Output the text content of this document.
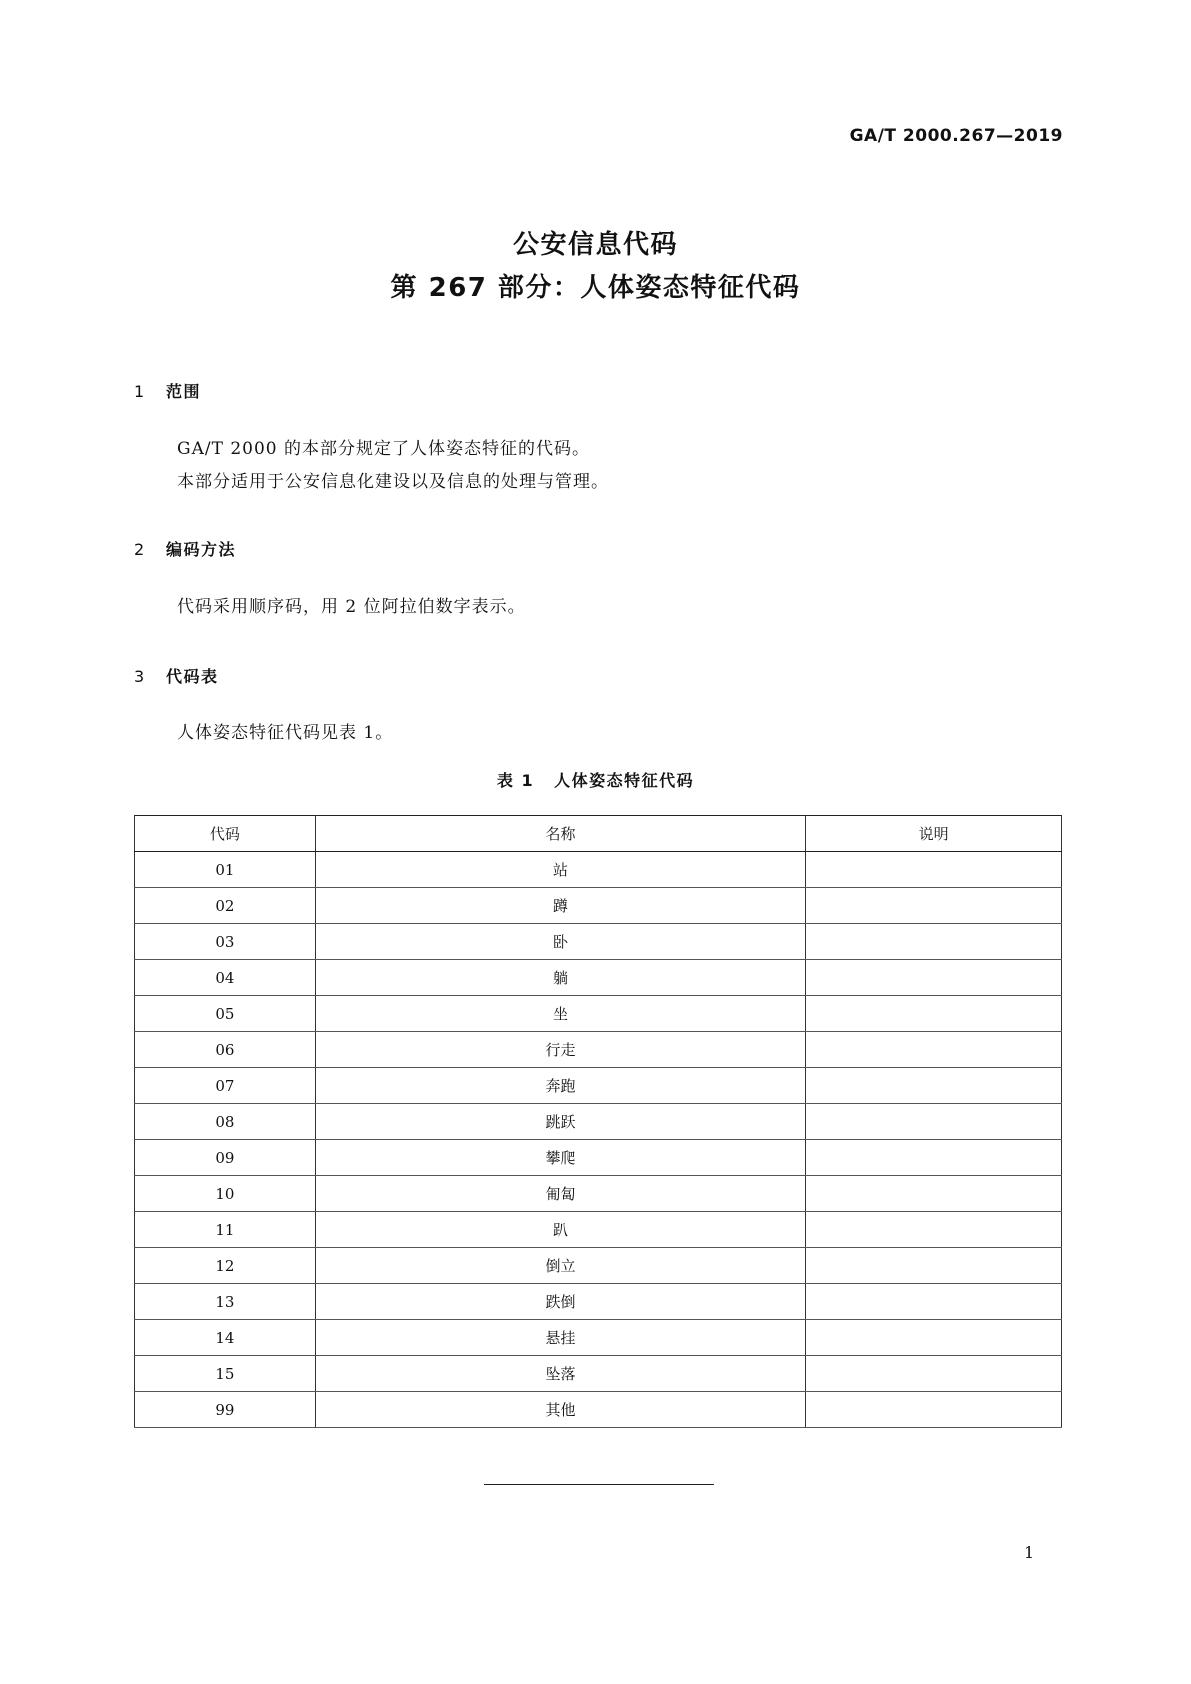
GA/T 2000.267—2019
公安信息代码
第 267 部分：人体姿态特征代码
1 范围
GA/T 2000 的本部分规定了人体姿态特征的代码。
本部分适用于公安信息化建设以及信息的处理与管理。
2 编码方法
代码采用顺序码，用 2 位阿拉伯数字表示。
3 代码表
人体姿态特征代码见表 1。
表 1 人体姿态特征代码
代码	名称	说明
01	站	
02	蹲	
03	卧	
04	躺	
05	坐	
06	行走	
07	奔跑	
08	跳跃	
09	攀爬	
10	匍匐	
11	趴	
12	倒立	
13	跌倒	
14	悬挂	
15	坠落	
99	其他	
1
